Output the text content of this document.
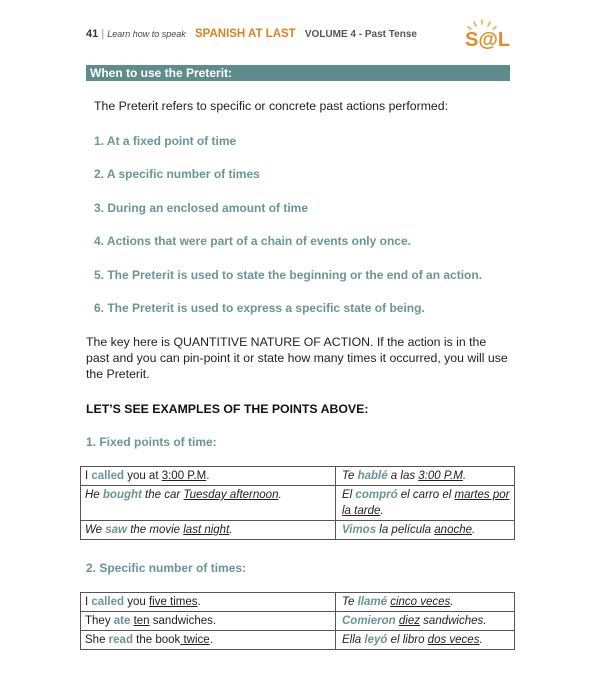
41 | Learn how to speak SPANISH AT LAST VOLUME 4 - Past Tense S@L
When to use the Preterit:
The Preterit refers to specific or concrete past actions performed:
1. At a fixed point of time
2. A specific number of times
3. During an enclosed amount of time
4. Actions that were part of a chain of events only once.
5. The Preterit is used to state the beginning or the end of an action.
6. The Preterit is used to express a specific state of being.
The key here is QUANTITIVE NATURE OF ACTION. If the action is in the past and you can pin-point it or state how many times it occurred, you will use the Preterit.
LET’S SEE EXAMPLES OF THE POINTS ABOVE:
1. Fixed points of time:
I called you at 3:00 P.M.	Te hablé a las 3:00 P.M.
He bought the car Tuesday afternoon.	El compró el carro el martes por la tarde.
We saw the movie last night.	Vimos la película anoche.
2. Specific number of times:
I called you five times.	Te llamé cinco veces.
They ate ten sandwiches.	Comieron diez sandwiches.
She read the book twice.	Ella leyó el libro dos veces.
